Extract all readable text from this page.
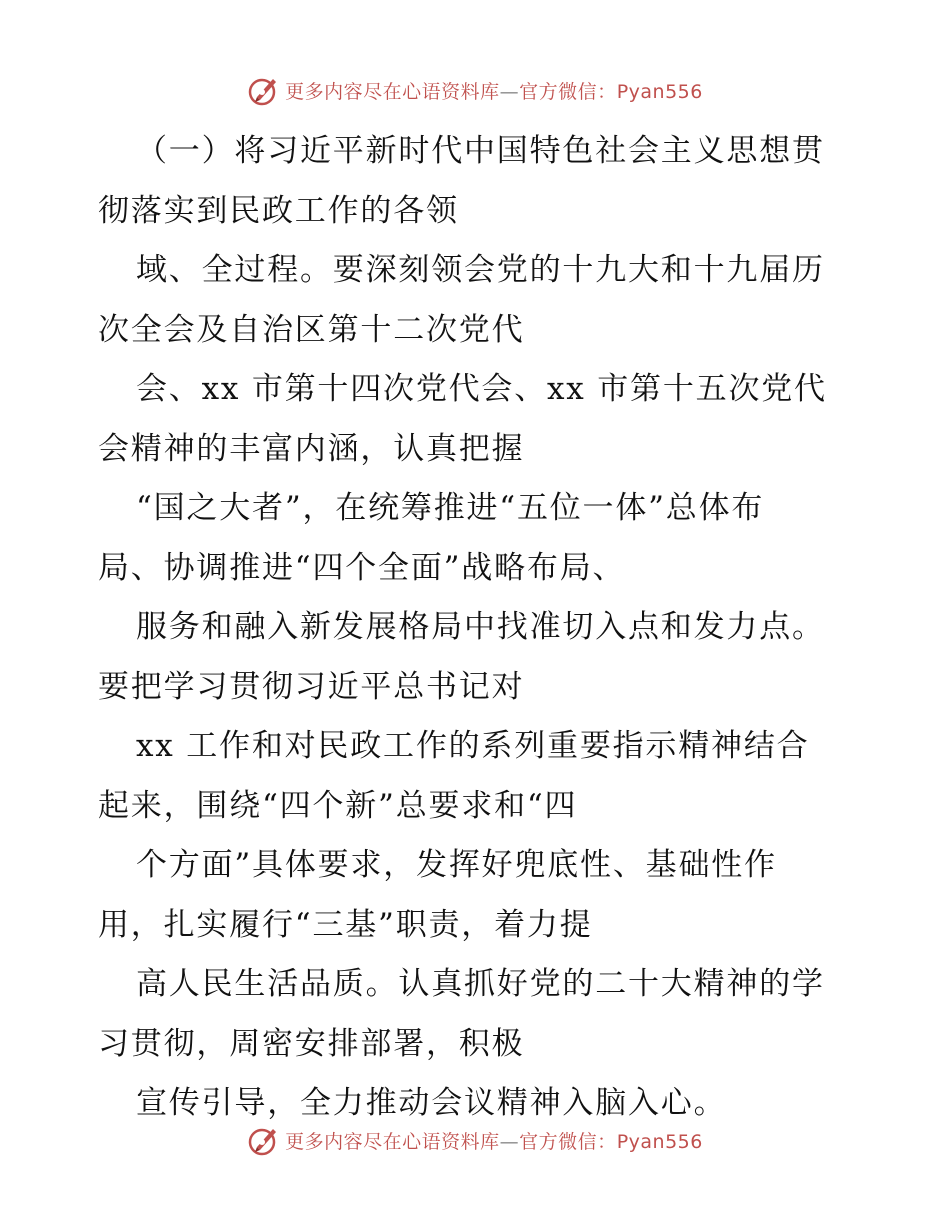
更多内容尽在心语资料库—官方微信：Pyan556

（一）将习近平新时代中国特色社会主义思想贯
彻落实到民政工作的各领

域、全过程。要深刻领会党的十九大和十九届历
次全会及自治区第十二次党代

会、xx 市第十四次党代会、xx 市第十五次党代
会精神的丰富内涵，认真把握

“国之大者”，在统筹推进“五位一体”总体布
局、协调推进“四个全面”战略布局、

服务和融入新发展格局中找准切入点和发力点。
要把学习贯彻习近平总书记对

xx 工作和对民政工作的系列重要指示精神结合
起来，围绕“四个新”总要求和“四

个方面”具体要求，发挥好兜底性、基础性作
用，扎实履行“三基”职责，着力提

高人民生活品质。认真抓好党的二十大精神的学
习贯彻，周密安排部署，积极

宣传引导，全力推动会议精神入脑入心。

更多内容尽在心语资料库—官方微信：Pyan556
